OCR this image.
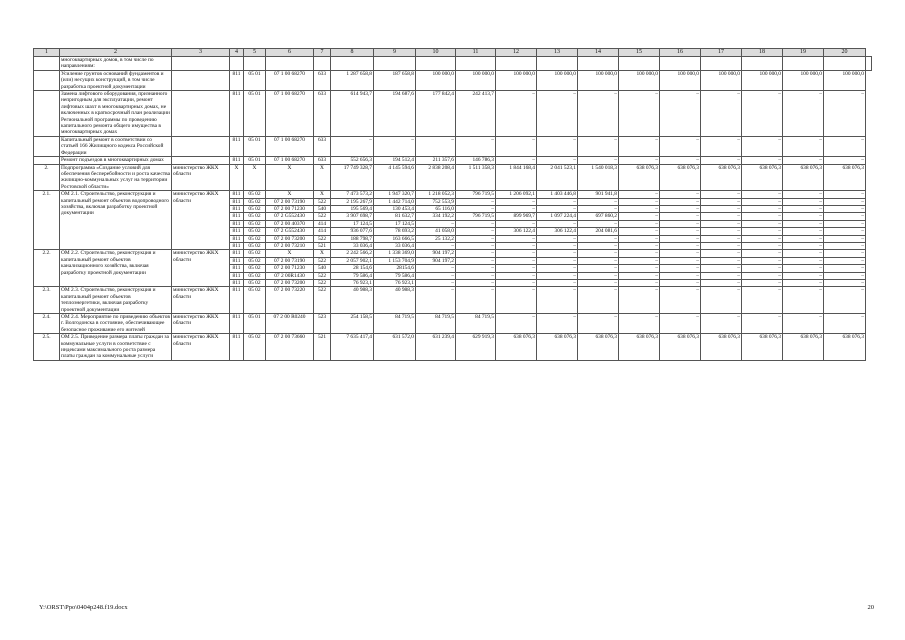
1	2	3	4	5	6	7	8	9	10	11	12	13	14	15	16	17	18	19	20	
	многоквартирных домов, в том числе по направлениям:																			
	Усиление грунтов оснований фундаментов и (или) несущих конструкций, в том числе разработка проектной документации		811	05 01	07 1 00 68270	633	1 287 658,8	187 658,8	100 000,0	100 000,0	100 000,0	100 000,0	100 000,0	100 000,0	100 000,0	100 000,0	100 000,0	100 000,0	100 000,0	
	Замена лифтового оборудования, признанного непригодным для эксплуатации, ремонт лифтовых шахт в многоквартирных домах, не включенных в краткосрочный план реализации Региональной программы по проведению капитального ремонта общего имущества в многоквартирных домах		811	05 01	07 1 00 68270	633	614 943,7	194 687,6	177 842,4	242 413,7	–	–	–	–	–	–	–	–	–	
	Капитальный ремонт в соответствии со статьей 166 Жилищного кодекса Российской Федерации		811	05 01	07 1 00 68270	633	–	–	–	–	–	–	–	–	–	–	–	–	–	
	Ремонт подъездов в многоквартирных домах		811	05 01	07 1 00 68270	633	552 656,3	194 512,4	211 357,6	146 786,3	–	–	–	–	–	–	–	–	–	
2.	Подпрограмма «Создание условий для обеспечения бесперебойности и роста качества жилищно-коммунальных услуг на территории Ростовской области»	министерство ЖКХ области	X	X	X	X	17 749 328,7	4 145 594,6	2 838 208,4	1 511 358,3	1 844 168,4	2 041 523,1	1 540 018,3	638 076,3	638 076,3	638 076,3	638 076,3	638 076,3	638 076,3	
2.1.	ОМ 2.1. Строительство, реконструкция и капитальный ремонт объектов водопроводного хозяйства, включая разработку проектной документации	министерство ЖКХ области	811	05 02	X	X	7 473 573,2	1 947 320,7	1 218 052,3	796 719,5	1 206 092,1	1 403 446,8	901 941,8	–	–	–	–	–	–	
			811	05 02	07 2 00 73190	522	2 195 267,9	1 442 714,0	752 553,9	–	–	–	–	–	–	–	–	–	–	
			811	05 02	07 2 00 71230	540	195 569,4	130 453,4	65 116,0	–	–	–	–	–	–	–	–	–	–	
			811	05 02	07 2 G552430	522	3 907 698,7	81 632,7	334 192,2	796 719,5	899 969,7	1 097 224,4	697 860,2	–	–	–	–	–	–	
			811	05 02	07 2 00 40370	414	17 124,5	17 124,5	–	–	–	–	–	–	–	–	–	–	–	
			811	05 02	07 2 G552430	414	936 077,6	78 693,2	41 058,0	–	306 122,4	306 122,4	204 081,6	–	–	–	–	–	–	
			811	05 02	07 2 00 73200	522	188 798,7	163 666,5	25 132,2	–	–	–	–	–	–	–	–	–	–	
			811	05 02	07 2 00 73210	521	33 036,4	33 036,4	–	–	–	–	–	–	–	–	–	–	–	
2.2.	ОМ 2.2. Строительство, реконструкция и капитальный ремонт объектов канализационного хозяйства, включая разработку проектной документации	министерство ЖКХ области	811	05 02	X	X	2 242 566,2	1 338 369,0	904 197,2	–	–	–	–	–	–	–	–	–	–	
			811	05 02	07 2 00 73190	522	2 057 902,1	1 153 704,9	904 197,2	–	–	–	–	–	–	–	–	–	–	
			811	05 02	07 2 00 71230	540	28 154,6	28154,6	–	–	–	–	–	–	–	–	–	–	–	
			811	05 02	07 2 00R1430	522	79 586,4	79 586,4	–	–	–	–	–	–	–	–	–	–	–	
			811	05 02	07 2 00 73200	522	76 923,1	76 923,1	–	–	–	–	–	–	–	–	–	–	–	
2.3.	ОМ 2.3. Строительство, реконструкция и капитальный ремонт объектов теплоэнергетики, включая разработку проектной документации	министерство ЖКХ области	811	05 02	07 2 00 73220	522	40 988,3	40 988,3	–	–	–	–	–	–	–	–	–	–	–	
2.4.	ОМ 2.4. Мероприятие по приведению объектов г. Волгодонска в состояние, обеспечивающее безопасное проживание его жителей	министерство ЖКХ области	811	05 01	07 2 00 R0240	523	254 158,5	84 719,5	84 719,5	84 719,5	–	–	–	–	–	–	–	–	–	
2.5.	ОМ 2.5. Приведение размера платы граждан за коммунальные услуги в соответствие с индексами максимального роста размера платы граждан за коммунальные услуги	министерство ЖКХ области	811	05 02	07 2 00 73660	521	7 635 417,4	631 572,0	631 239,4	629 919,3	638 076,3	638 076,3	638 076,3	638 076,3	638 076,3	638 076,3	638 076,3	638 076,3	638 076,3	
Y:\ORST\Ppo\0404p248.f19.docx	20
